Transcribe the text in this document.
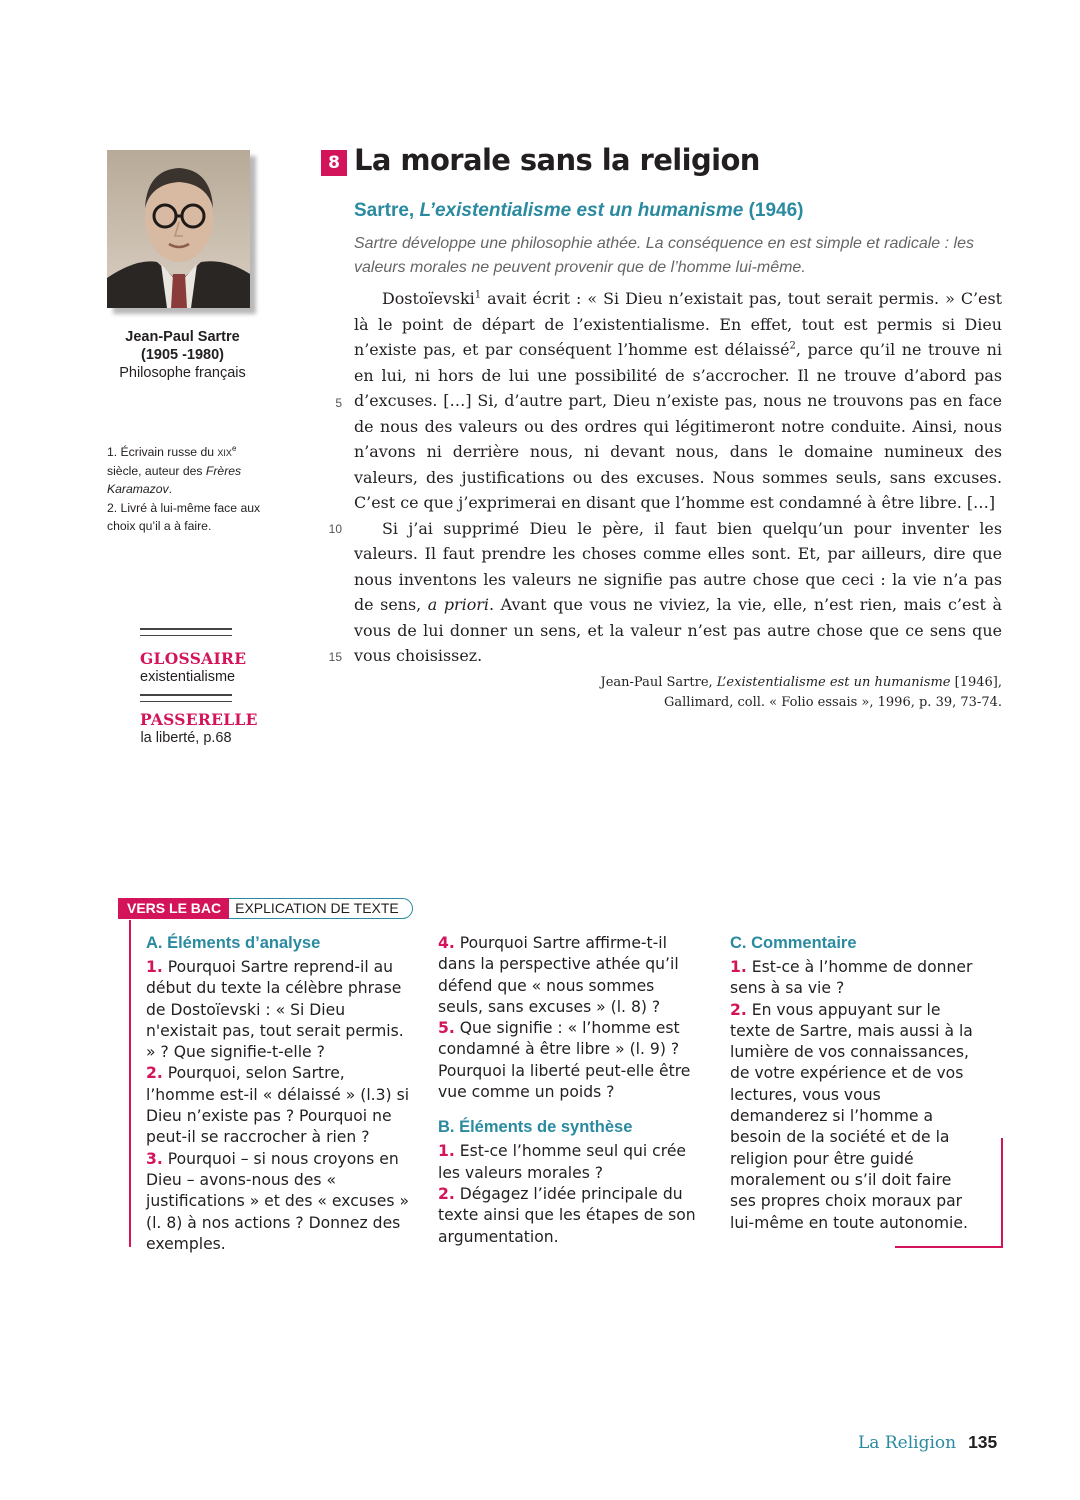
Jean-Paul Sartre
(1905 -1980)
Philosophe français

1. Écrivain russe du xix$^e$ siècle, auteur des Frères Karamazov.

2. Livré à lui-même face aux choix qu’il a à faire.

GLOSSAIRE
existentialisme
PASSERELLE
la liberté, p.68
8 La morale sans la religion
Sartre, L’existentialisme est un humanisme (1946)
Sartre développe une philosophie athée. La conséquence en est simple et radicale : les valeurs morales ne peuvent provenir que de l’homme lui-même.

Dostoïevski$^1$ avait écrit : « Si Dieu n’existait pas, tout serait permis. » C’est là le point de départ de l’existentialisme. En effet, tout est permis si Dieu n’existe pas, et par conséquent l’homme est délaissé$^2$, parce qu’il ne trouve ni en lui, ni hors de lui une possibilité de s’accrocher. Il ne trouve d’abord pas d’excuses. […] Si, d’autre part, Dieu n’existe pas, nous ne trouvons pas en face de nous des valeurs ou des ordres qui légitimeront notre conduite. Ainsi, nous n’avons ni derrière nous, ni devant nous, dans le domaine numineux des valeurs, des justifications ou des excuses. Nous sommes seuls, sans excuses. C’est ce que j’exprimerai en disant que l’homme est condamné à être libre. […]

Si j’ai supprimé Dieu le père, il faut bien quelqu’un pour inventer les valeurs. Il faut prendre les choses comme elles sont. Et, par ailleurs, dire que nous inventons les valeurs ne signifie pas autre chose que ceci : la vie n’a pas de sens, a priori. Avant que vous ne viviez, la vie, elle, n’est rien, mais c’est à vous de lui donner un sens, et la valeur n’est pas autre chose que ce sens que vous choisissez.

5
10
15
Jean-Paul Sartre, L’existentialisme est un humanisme [1946],
Gallimard, coll. « Folio essais », 1996, p. 39, 73-74.
VERS LE BAC	EXPLICATION DE TEXTE

A. Éléments d’analyse

1. Pourquoi Sartre reprend-il au début du texte la célèbre phrase de Dostoïevski : « Si Dieu n'existait pas, tout serait permis. » ? Que signifie-t-elle ?

2. Pourquoi, selon Sartre, l’homme est-il « délaissé » (l.3) si Dieu n’existe pas ? Pourquoi ne peut-il se raccrocher à rien ?

3. Pourquoi – si nous croyons en Dieu – avons-nous des « justifications » et des « excuses » (l. 8) à nos actions ? Donnez des exemples.

4. Pourquoi Sartre affirme-t-il dans la perspective athée qu’il défend que « nous sommes seuls, sans excuses » (l. 8) ?

5. Que signifie : « l’homme est condamné à être libre » (l. 9) ? Pourquoi la liberté peut-elle être vue comme un poids ?

B. Éléments de synthèse

1. Est-ce l’homme seul qui crée les valeurs morales ?

2. Dégagez l’idée principale du texte ainsi que les étapes de son argumentation.

C. Commentaire

1. Est-ce à l’homme de donner sens à sa vie ?

2. En vous appuyant sur le texte de Sartre, mais aussi à la lumière de vos connaissances, de votre expérience et de vos lectures, vous vous demanderez si l’homme a besoin de la société et de la religion pour être guidé moralement ou s’il doit faire ses propres choix moraux par lui-même en toute autonomie.

La Religion 135
